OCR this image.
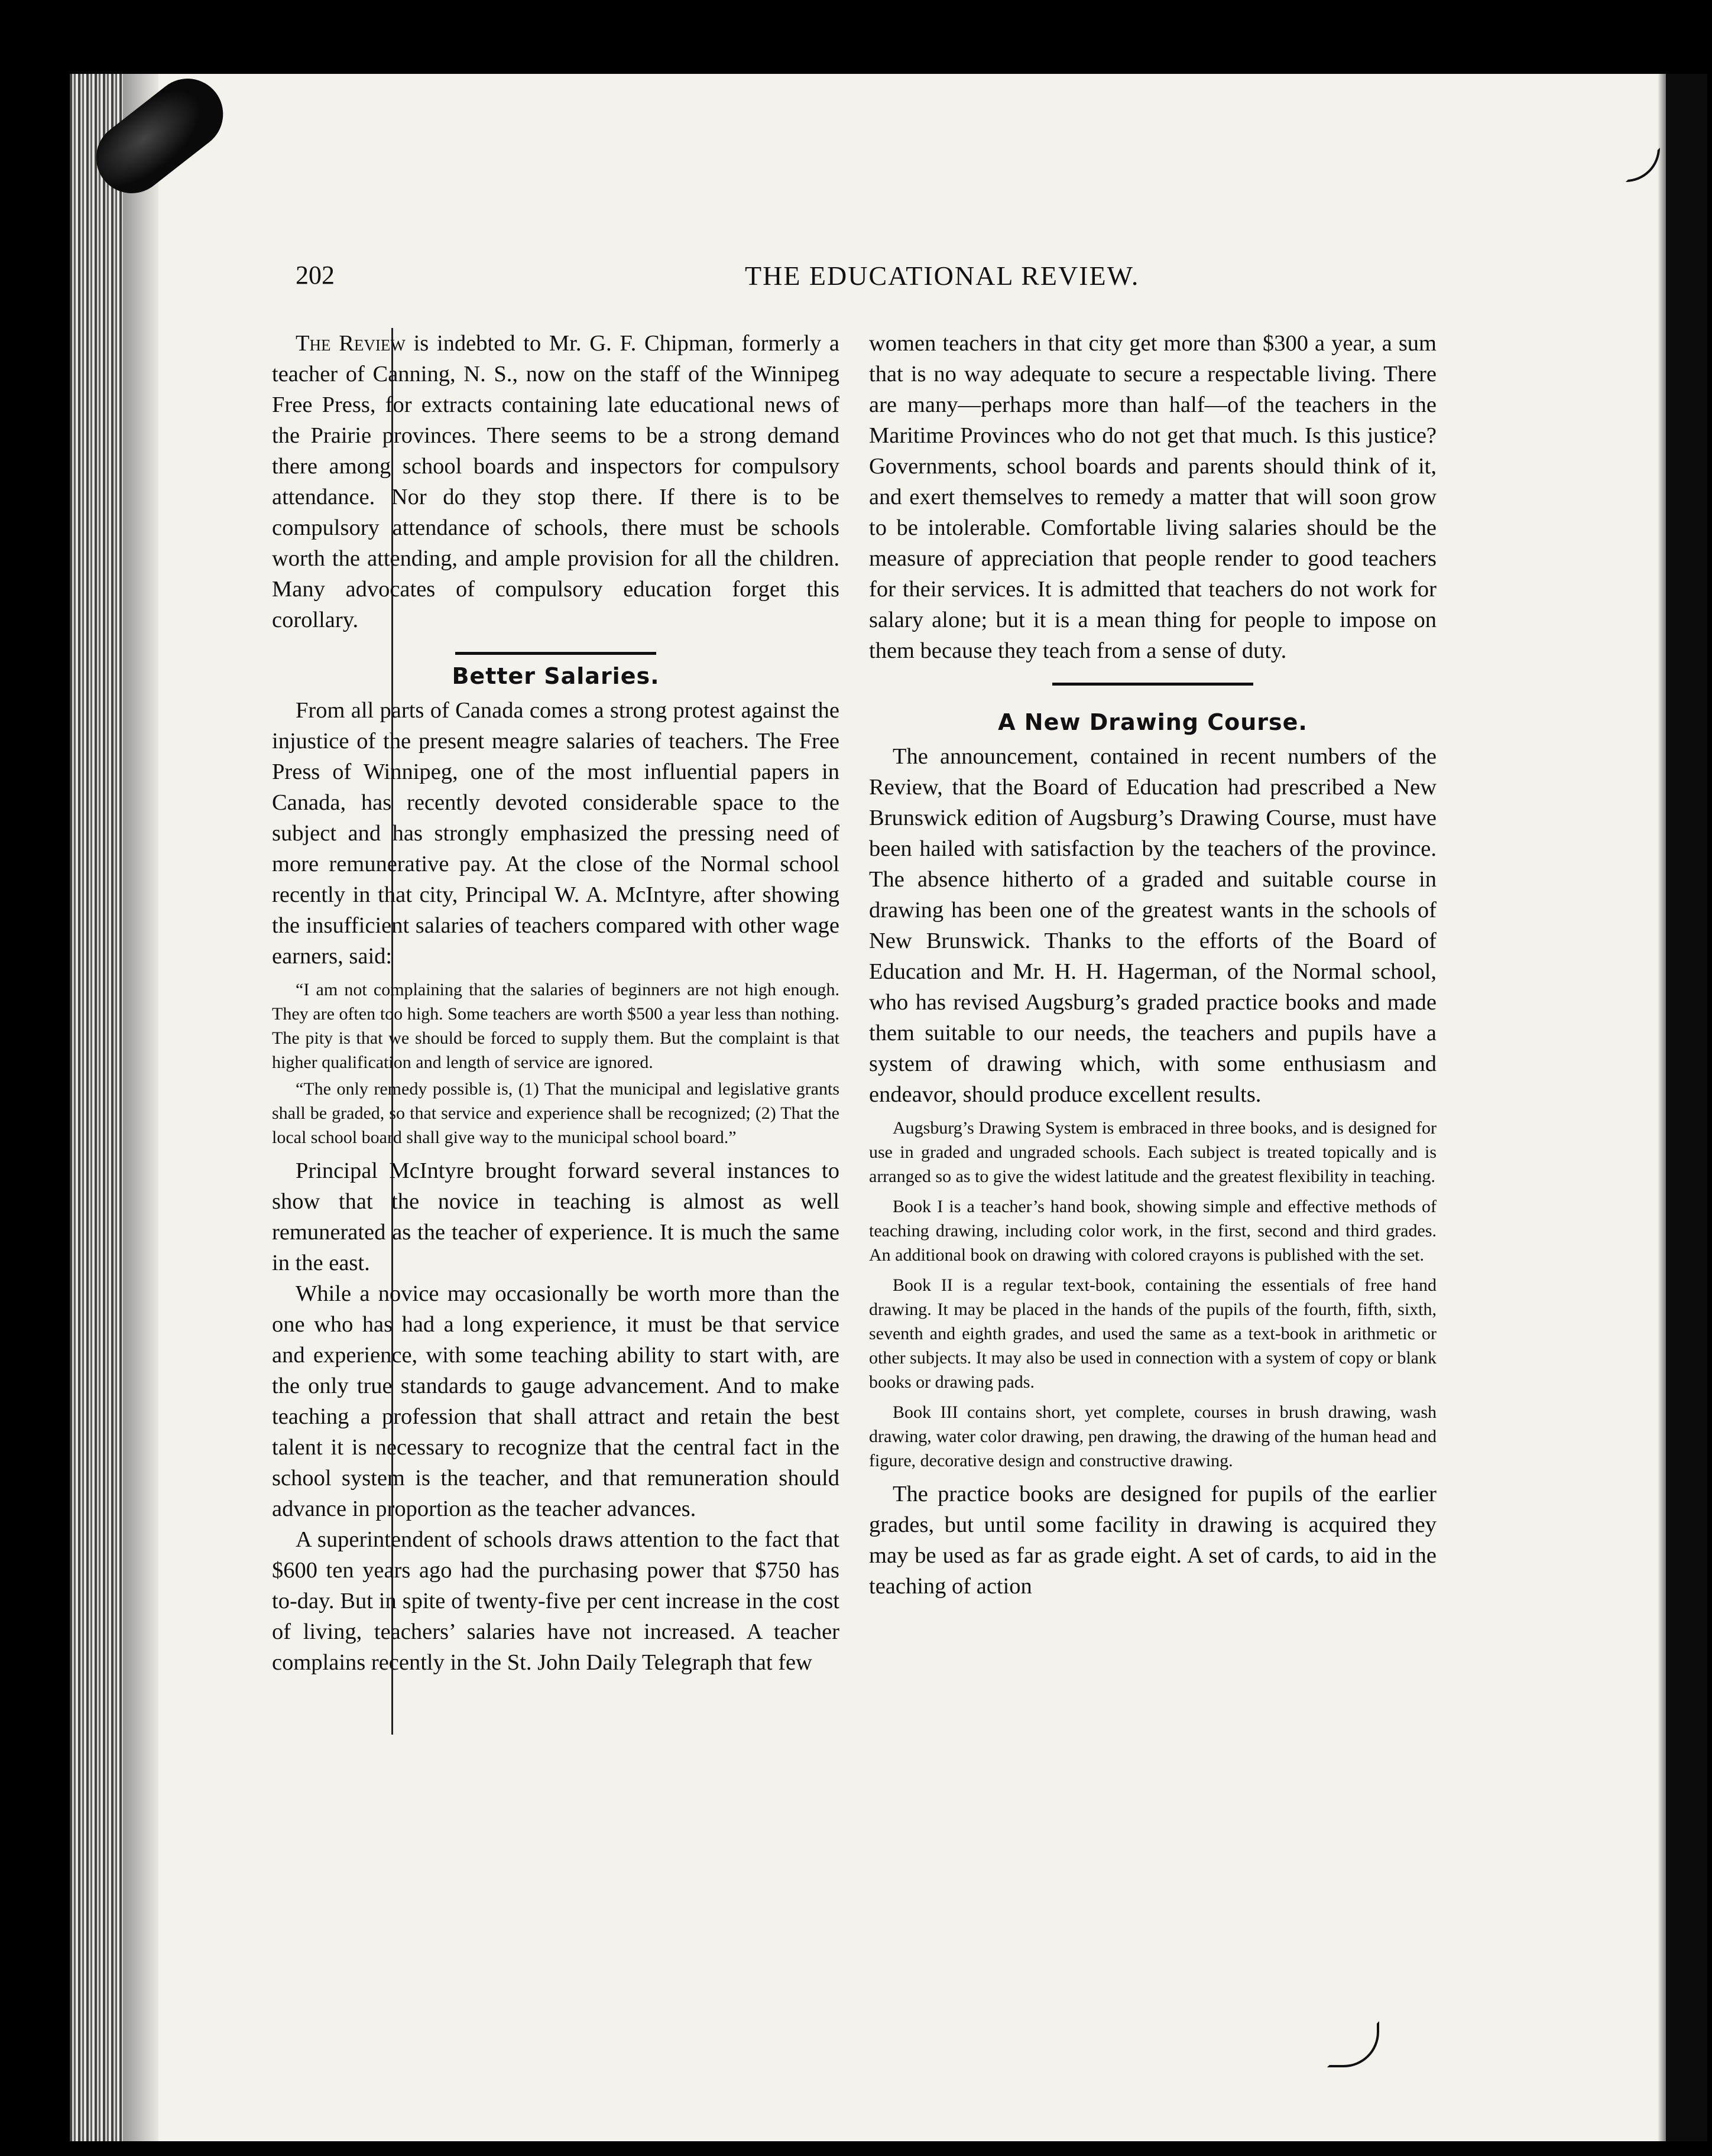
202	THE EDUCATIONAL REVIEW.

The Review is indebted to Mr. G. F. Chipman, formerly a teacher of Canning, N. S., now on the staff of the Winnipeg Free Press, for extracts containing late educational news of the Prairie provinces. There seems to be a strong demand there among school boards and inspectors for compulsory attendance. Nor do they stop there. If there is to be compulsory attendance of schools, there must be schools worth the attending, and ample provision for all the children. Many advocates of compulsory education forget this corollary.

Better Salaries.

From all parts of Canada comes a strong protest against the injustice of the present meagre salaries of teachers. The Free Press of Winnipeg, one of the most influential papers in Canada, has recently devoted considerable space to the subject and has strongly emphasized the pressing need of more remunerative pay. At the close of the Normal school recently in that city, Principal W. A. McIntyre, after showing the insufficient salaries of teachers compared with other wage earners, said:

“I am not complaining that the salaries of beginners are not high enough. They are often too high. Some teachers are worth $500 a year less than nothing. The pity is that we should be forced to supply them. But the complaint is that higher qualification and length of service are ignored.

“The only remedy possible is, (1) That the municipal and legislative grants shall be graded, so that service and experience shall be recognized; (2) That the local school board shall give way to the municipal school board.”

Principal McIntyre brought forward several instances to show that the novice in teaching is almost as well remunerated as the teacher of experience. It is much the same in the east.

While a novice may occasionally be worth more than the one who has had a long experience, it must be that service and experience, with some teaching ability to start with, are the only true standards to gauge advancement. And to make teaching a profession that shall attract and retain the best talent it is necessary to recognize that the central fact in the school system is the teacher, and that remuneration should advance in proportion as the teacher advances.

A superintendent of schools draws attention to the fact that $600 ten years ago had the purchasing power that $750 has to-day. But in spite of twenty-five per cent increase in the cost of living, teachers’ salaries have not increased. A teacher complains recently in the St. John Daily Telegraph that few

women teachers in that city get more than $300 a year, a sum that is no way adequate to secure a respectable living. There are many—perhaps more than half—of the teachers in the Maritime Provinces who do not get that much. Is this justice? Governments, school boards and parents should think of it, and exert themselves to remedy a matter that will soon grow to be intolerable. Comfortable living salaries should be the measure of appreciation that people render to good teachers for their services. It is admitted that teachers do not work for salary alone; but it is a mean thing for people to impose on them because they teach from a sense of duty.

A New Drawing Course.

The announcement, contained in recent numbers of the Review, that the Board of Education had prescribed a New Brunswick edition of Augsburg’s Drawing Course, must have been hailed with satisfaction by the teachers of the province. The absence hitherto of a graded and suitable course in drawing has been one of the greatest wants in the schools of New Brunswick. Thanks to the efforts of the Board of Education and Mr. H. H. Hagerman, of the Normal school, who has revised Augsburg’s graded practice books and made them suitable to our needs, the teachers and pupils have a system of drawing which, with some enthusiasm and endeavor, should produce excellent results.

Augsburg’s Drawing System is embraced in three books, and is designed for use in graded and ungraded schools. Each subject is treated topically and is arranged so as to give the widest latitude and the greatest flexibility in teaching.

Book I is a teacher’s hand book, showing simple and effective methods of teaching drawing, including color work, in the first, second and third grades. An additional book on drawing with colored crayons is published with the set.

Book II is a regular text-book, containing the essentials of free hand drawing. It may be placed in the hands of the pupils of the fourth, fifth, sixth, seventh and eighth grades, and used the same as a text-book in arithmetic or other subjects. It may also be used in connection with a system of copy or blank books or drawing pads.

Book III contains short, yet complete, courses in brush drawing, wash drawing, water color drawing, pen drawing, the drawing of the human head and figure, decorative design and constructive drawing.

The practice books are designed for pupils of the earlier grades, but until some facility in drawing is acquired they may be used as far as grade eight. A set of cards, to aid in the teaching of action
